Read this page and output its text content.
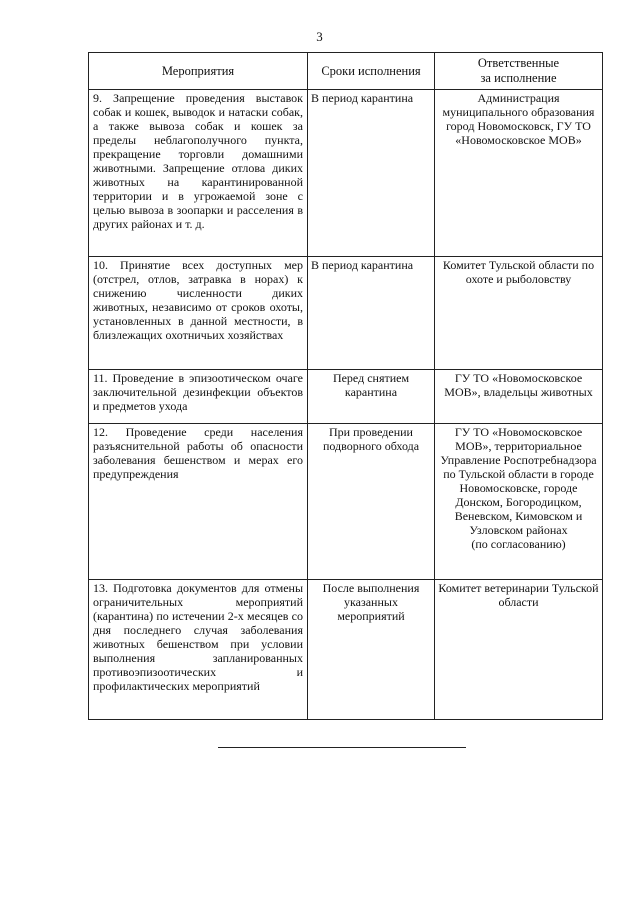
3
Мероприятия	Сроки исполнения	Ответственные
за исполнение
9. Запрещение проведения выставок собак и кошек, выводок и натаски собак, а также вывоза собак и кошек за пределы неблагополучного пункта, прекращение торговли домашними животными. Запрещение отлова диких животных на карантинированной территории и в угрожаемой зоне с целью вывоза в зоопарки и расселения в других районах и т. д.	В период карантина	Администрация муниципального образования город Новомосковск, ГУ ТО «Новомосковское МОВ»
10. Принятие всех доступных мер (отстрел, отлов, затравка в норах) к снижению численности диких животных, независимо от сроков охоты, установленных в данной местности, в близлежащих охотничьих хозяйствах	В период карантина	Комитет Тульской области по охоте и рыболовству
11. Проведение в эпизоотическом очаге заключительной дезинфекции объектов и предметов ухода	Перед снятием карантина	ГУ ТО «Новомосковское МОВ», владельцы животных
12. Проведение среди населения разъяснительной работы об опасности заболевания бешенством и мерах его предупреждения	При проведении подворного обхода	ГУ ТО «Новомосковское МОВ», территориальное Управление Роспотребнадзора по Тульской области в городе Новомосковске, городе Донском, Богородицком, Веневском, Кимовском и Узловском районах
(по согласованию)
13. Подготовка документов для отмены ограничительных мероприятий (карантина) по истечении 2-х месяцев со дня последнего случая заболевания животных бешенством при условии выполнения запланированных противоэпизоотических и профилактических мероприятий	После выполнения указанных мероприятий	Комитет ветеринарии Тульской области
